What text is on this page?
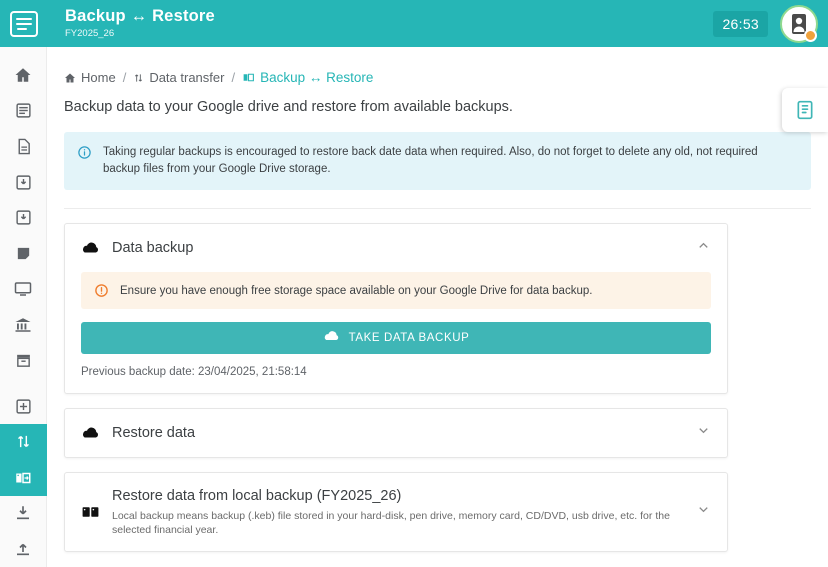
Backup ↔ Restore
FY2025_26
26:53
Home / Data transfer / Backup ↔ Restore
Backup data to your Google drive and restore from available backups.
Taking regular backups is encouraged to restore back date data when required. Also, do not forget to delete any old, not required backup files from your Google Drive storage.
Data backup
Ensure you have enough free storage space available on your Google Drive for data backup.
TAKE DATA BACKUP
Previous backup date: 23/04/2025, 21:58:14
Restore data
Restore data from local backup (FY2025_26)
Local backup means backup (.keb) file stored in your hard-disk, pen drive, memory card, CD/DVD, usb drive, etc. for the selected financial year.
